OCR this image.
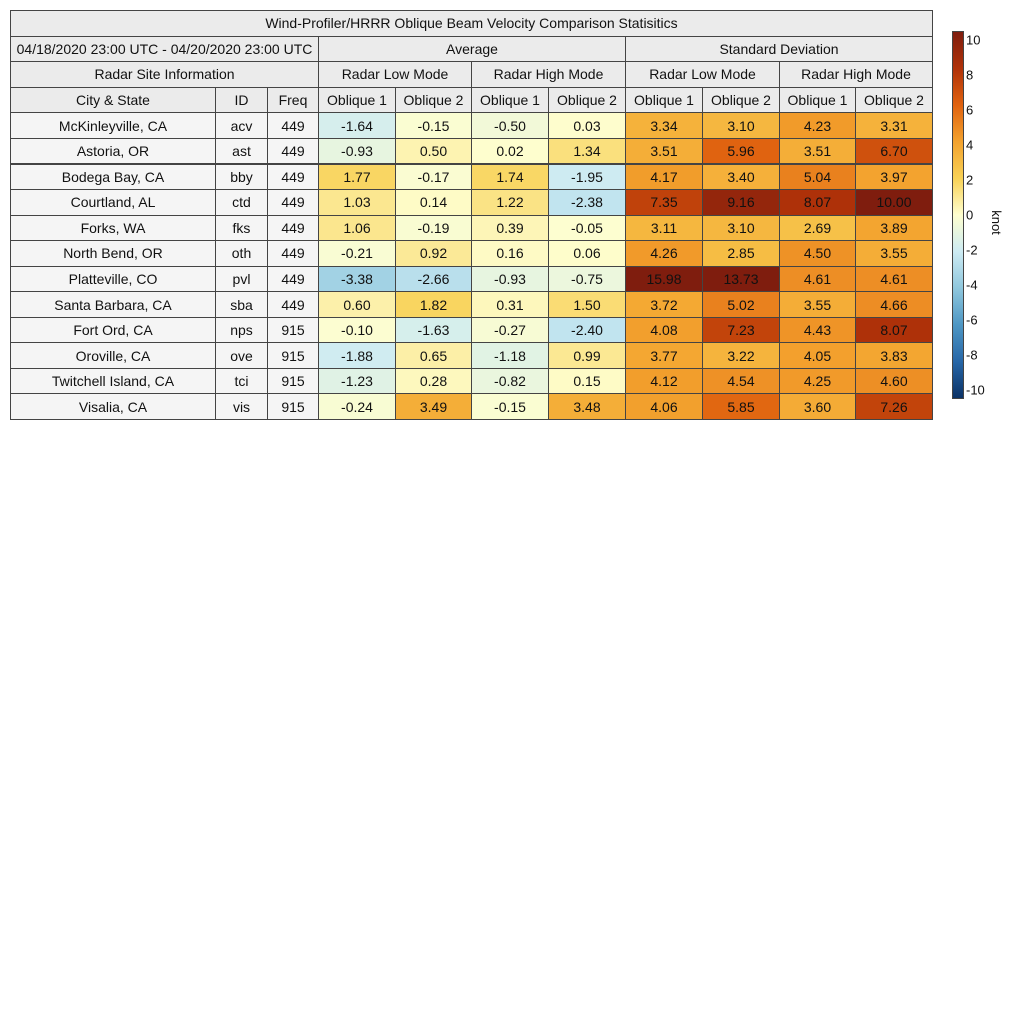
Wind-Profiler/HRRR Oblique Beam Velocity Comparison Statisitics
04/18/2020 23:00 UTC - 04/20/2020 23:00 UTC	Average	Standard Deviation
Radar Site Information	Radar Low Mode	Radar High Mode	Radar Low Mode	Radar High Mode
City & State	ID	Freq	Oblique 1	Oblique 2	Oblique 1	Oblique 2	Oblique 1	Oblique 2	Oblique 1	Oblique 2
McKinleyville, CA	acv	449	-1.64	-0.15	-0.50	0.03	3.34	3.10	4.23	3.31
Astoria, OR	ast	449	-0.93	0.50	0.02	1.34	3.51	5.96	3.51	6.70
Bodega Bay, CA	bby	449	1.77	-0.17	1.74	-1.95	4.17	3.40	5.04	3.97
Courtland, AL	ctd	449	1.03	0.14	1.22	-2.38	7.35	9.16	8.07	10.00
Forks, WA	fks	449	1.06	-0.19	0.39	-0.05	3.11	3.10	2.69	3.89
North Bend, OR	oth	449	-0.21	0.92	0.16	0.06	4.26	2.85	4.50	3.55
Platteville, CO	pvl	449	-3.38	-2.66	-0.93	-0.75	15.98	13.73	4.61	4.61
Santa Barbara, CA	sba	449	0.60	1.82	0.31	1.50	3.72	5.02	3.55	4.66
Fort Ord, CA	nps	915	-0.10	-1.63	-0.27	-2.40	4.08	7.23	4.43	8.07
Oroville, CA	ove	915	-1.88	0.65	-1.18	0.99	3.77	3.22	4.05	3.83
Twitchell Island, CA	tci	915	-1.23	0.28	-0.82	0.15	4.12	4.54	4.25	4.60
Visalia, CA	vis	915	-0.24	3.49	-0.15	3.48	4.06	5.85	3.60	7.26
10
8
6
4
2
0
-2
-4
-6
-8
-10
knot
